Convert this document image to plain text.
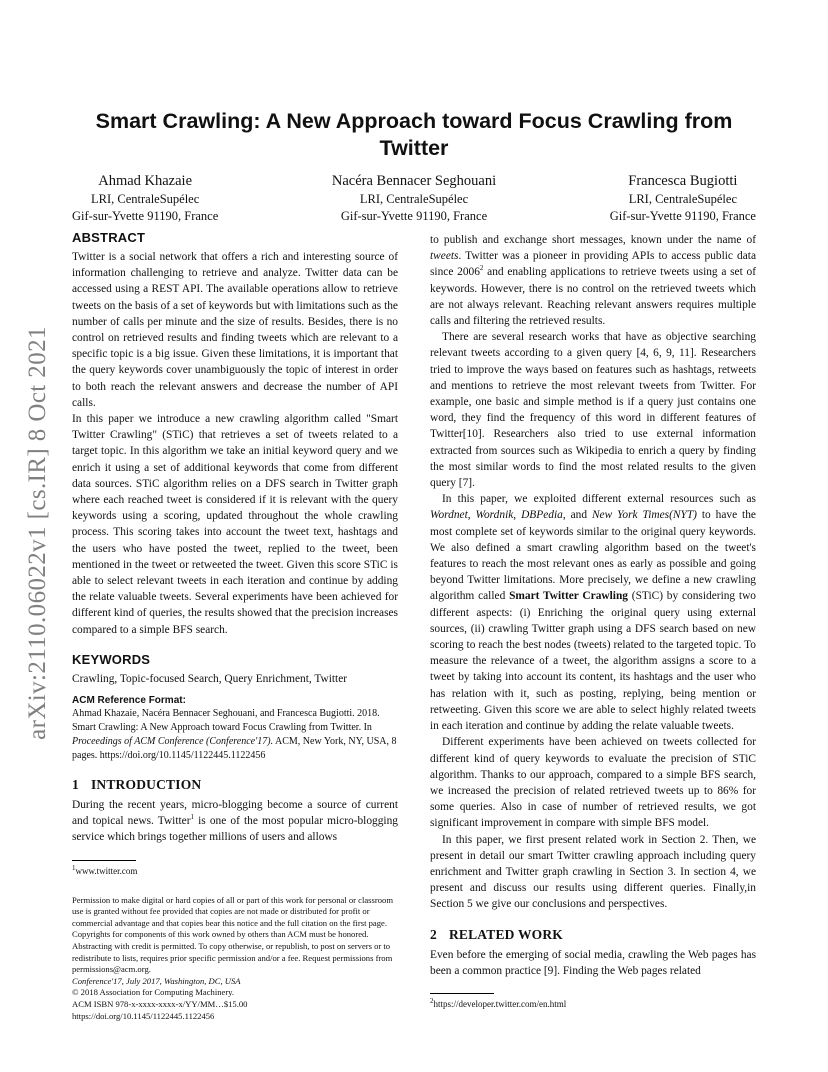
arXiv:2110.06022v1 [cs.IR] 8 Oct 2021
Smart Crawling: A New Approach toward Focus Crawling from Twitter
Ahmad Khazaie
LRI, CentraleSupélec
Gif-sur-Yvette 91190, France
Nacéra Bennacer Seghouani
LRI, CentraleSupélec
Gif-sur-Yvette 91190, France
Francesca Bugiotti
LRI, CentraleSupélec
Gif-sur-Yvette 91190, France
ABSTRACT

Twitter is a social network that offers a rich and interesting source of information challenging to retrieve and analyze. Twitter data can be accessed using a REST API. The available operations allow to retrieve tweets on the basis of a set of keywords but with limitations such as the number of calls per minute and the size of results. Besides, there is no control on retrieved results and finding tweets which are relevant to a specific topic is a big issue. Given these limitations, it is important that the query keywords cover unambiguously the topic of interest in order to both reach the relevant answers and decrease the number of API calls.

In this paper we introduce a new crawling algorithm called "Smart Twitter Crawling" (STiC) that retrieves a set of tweets related to a target topic. In this algorithm we take an initial keyword query and we enrich it using a set of additional keywords that come from different data sources. STiC algorithm relies on a DFS search in Twitter graph where each reached tweet is considered if it is relevant with the query keywords using a scoring, updated throughout the whole crawling process. This scoring takes into account the tweet text, hashtags and the users who have posted the tweet, replied to the tweet, been mentioned in the tweet or retweeted the tweet. Given this score STiC is able to select relevant tweets in each iteration and continue by adding the relate valuable tweets. Several experiments have been achieved for different kind of queries, the results showed that the precision increases compared to a simple BFS search.

KEYWORDS

Crawling, Topic-focused Search, Query Enrichment, Twitter

ACM Reference Format:

Ahmad Khazaie, Nacéra Bennacer Seghouani, and Francesca Bugiotti. 2018. Smart Crawling: A New Approach toward Focus Crawling from Twitter. In Proceedings of ACM Conference (Conference'17). ACM, New York, NY, USA, 8 pages. https://doi.org/10.1145/1122445.1122456

1 INTRODUCTION

During the recent years, micro-blogging become a source of current and topical news. Twitter$^1$ is one of the most popular micro-blogging service which brings together millions of users and allows

$^1$www.twitter.com
Permission to make digital or hard copies of all or part of this work for personal or classroom use is granted without fee provided that copies are not made or distributed for profit or commercial advantage and that copies bear this notice and the full citation on the first page. Copyrights for components of this work owned by others than ACM must be honored. Abstracting with credit is permitted. To copy otherwise, or republish, to post on servers or to redistribute to lists, requires prior specific permission and/or a fee. Request permissions from permissions@acm.org.
Conference'17, July 2017, Washington, DC, USA
© 2018 Association for Computing Machinery.
ACM ISBN 978-x-xxxx-xxxx-x/YY/MM…$15.00
https://doi.org/10.1145/1122445.1122456

to publish and exchange short messages, known under the name of tweets. Twitter was a pioneer in providing APIs to access public data since 2006$^2$ and enabling applications to retrieve tweets using a set of keywords. However, there is no control on the retrieved tweets which are not always relevant. Reaching relevant answers requires multiple calls and filtering the retrieved results.

There are several research works that have as objective searching relevant tweets according to a given query [4, 6, 9, 11]. Researchers tried to improve the ways based on features such as hashtags, retweets and mentions to retrieve the most relevant tweets from Twitter. For example, one basic and simple method is if a query just contains one word, they find the frequency of this word in different features of Twitter[10]. Researchers also tried to use external information extracted from sources such as Wikipedia to enrich a query by finding the most similar words to find the most related results to the given query [7].

In this paper, we exploited different external resources such as Wordnet, Wordnik, DBPedia, and New York Times(NYT) to have the most complete set of keywords similar to the original query keywords. We also defined a smart crawling algorithm based on the tweet's features to reach the most relevant ones as early as possible and going beyond Twitter limitations. More precisely, we define a new crawling algorithm called Smart Twitter Crawling (STiC) by considering two different aspects: (i) Enriching the original query using external sources, (ii) crawling Twitter graph using a DFS search based on new scoring to reach the best nodes (tweets) related to the targeted topic. To measure the relevance of a tweet, the algorithm assigns a score to a tweet by taking into account its content, its hashtags and the user who has relation with it, such as posting, replying, being mention or retweeting. Given this score we are able to select highly related tweets in each iteration and continue by adding the relate valuable tweets.

Different experiments have been achieved on tweets collected for different kind of query keywords to evaluate the precision of STiC algorithm. Thanks to our approach, compared to a simple BFS search, we increased the precision of related retrieved tweets up to 86% for some queries. Also in case of number of retrieved results, we got significant improvement in compare with simple BFS model.

In this paper, we first present related work in Section 2. Then, we present in detail our smart Twitter crawling approach including query enrichment and Twitter graph crawling in Section 3. In section 4, we present and discuss our results using different queries. Finally,in Section 5 we give our conclusions and perspectives.

2 RELATED WORK

Even before the emerging of social media, crawling the Web pages has been a common practice [9]. Finding the Web pages related

$^2$https://developer.twitter.com/en.html
